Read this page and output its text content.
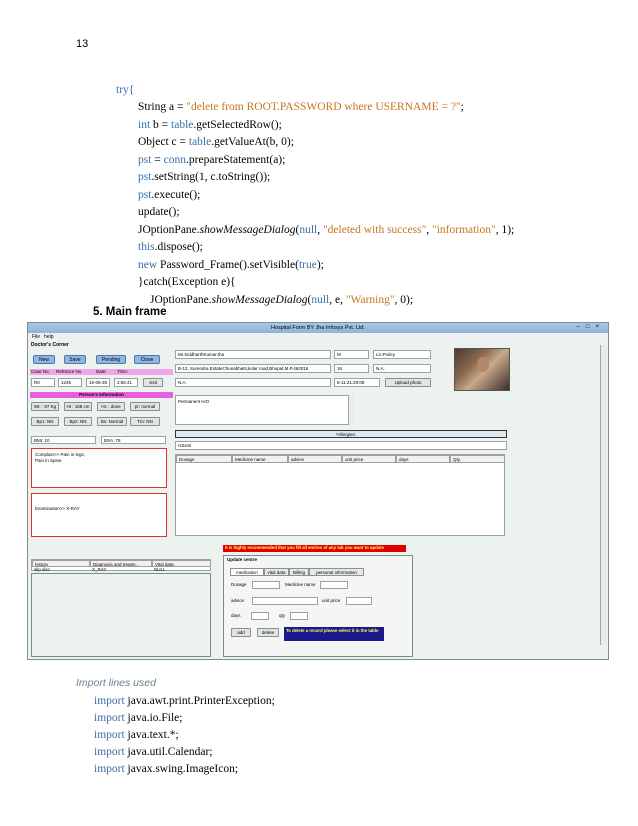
13
try{
String a = "delete from ROOT.PASSWORD where USERNAME = ?";
int b = table.getSelectedRow();
Object c = table.getValueAt(b, 0);
pst = conn.prepareStatement(a);
pst.setString(1, c.toString());
pst.execute();
update();
JOptionPane.showMessageDialog(null, "deleted with success", "information", 1);
this.dispose();
new Password_Frame().setVisible(true);
}catch(Exception e){
JOptionPane.showMessageDialog(null, e, "Warning", 0);
5. Main frame
Hospital Form BY Jha Infosys Pvt. Ltd.	–□×
File help
Doctor's Corner
New	Save	Pending	Close
Case No: Refrence No.	Date: Time:
R0	1245	16-05-28	2:55:41	visit
Person's Information
Wt: : 97 Kg	Ht : 168 cm	Hc : done	pr: normal
Bp1: NN	Bp2: NN	Bs: Normal	Tm: NN
BMI: 10	BSA: 78
Complain>> Pain in legs,
Pain in Spine
Examination>> X-RAY
Mr.SiddharthKumarJha	M	Lic:Policy
B-12, Surendra EstateChunabhatti,kolar road,Bhopal,M.P.462016	16	N.A.
N.A.	5-11:21:20:08	Upload photo
Permanent H/O
*Allergies:
rs2xml
Dosage	Medicine name	advice	unit price	days	Qty.
history	Diagnosis and treatm...	Vital data
slip disc	X_RAY	NULL
It is highly recommended that you fill all entries of any tab you want to update
Update centre
medication	vital data	Billing	personal information
Dosage	Medicine name
advice	unit price
days	qty
add	delete	To delete a record please select it in the table
Import lines used
import java.awt.print.PrinterException;
import java.io.File;
import java.text.*;
import java.util.Calendar;
import javax.swing.ImageIcon;
